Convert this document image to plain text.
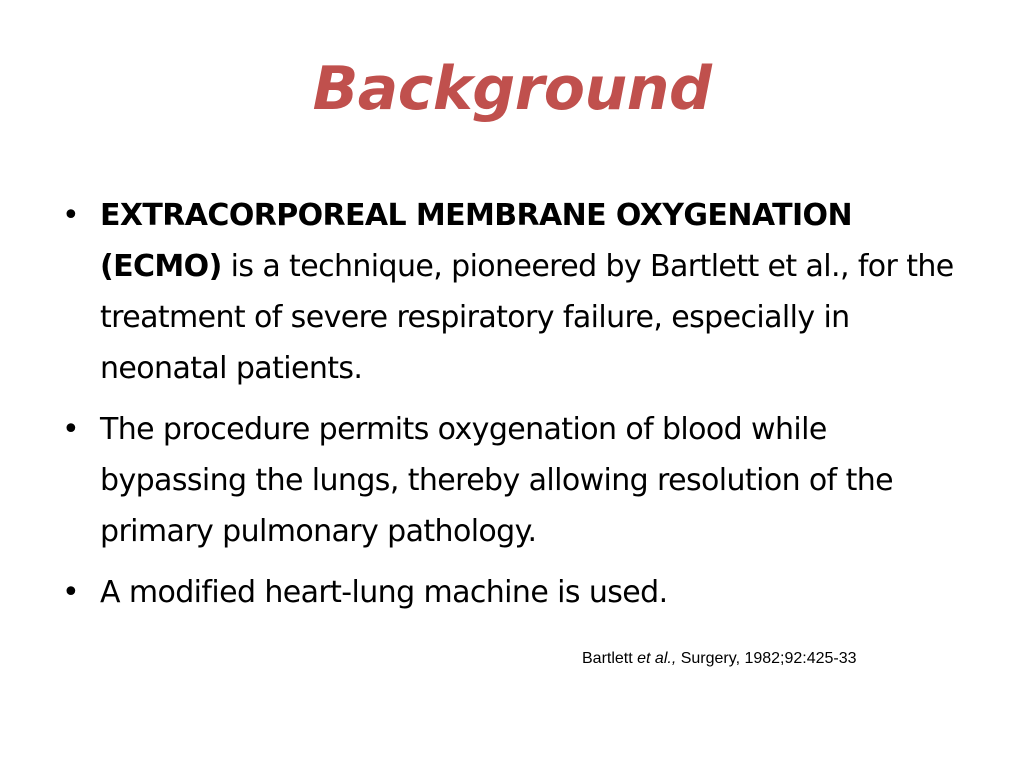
Background
• EXTRACORPOREAL MEMBRANE OXYGENATION (ECMO) is a technique, pioneered by Bartlett et al., for the treatment of severe respiratory failure, especially in neonatal patients.
• The procedure permits oxygenation of blood while bypassing the lungs, thereby allowing resolution of the primary pulmonary pathology.
• A modified heart-lung machine is used.
Bartlett et al., Surgery, 1982;92:425-33
